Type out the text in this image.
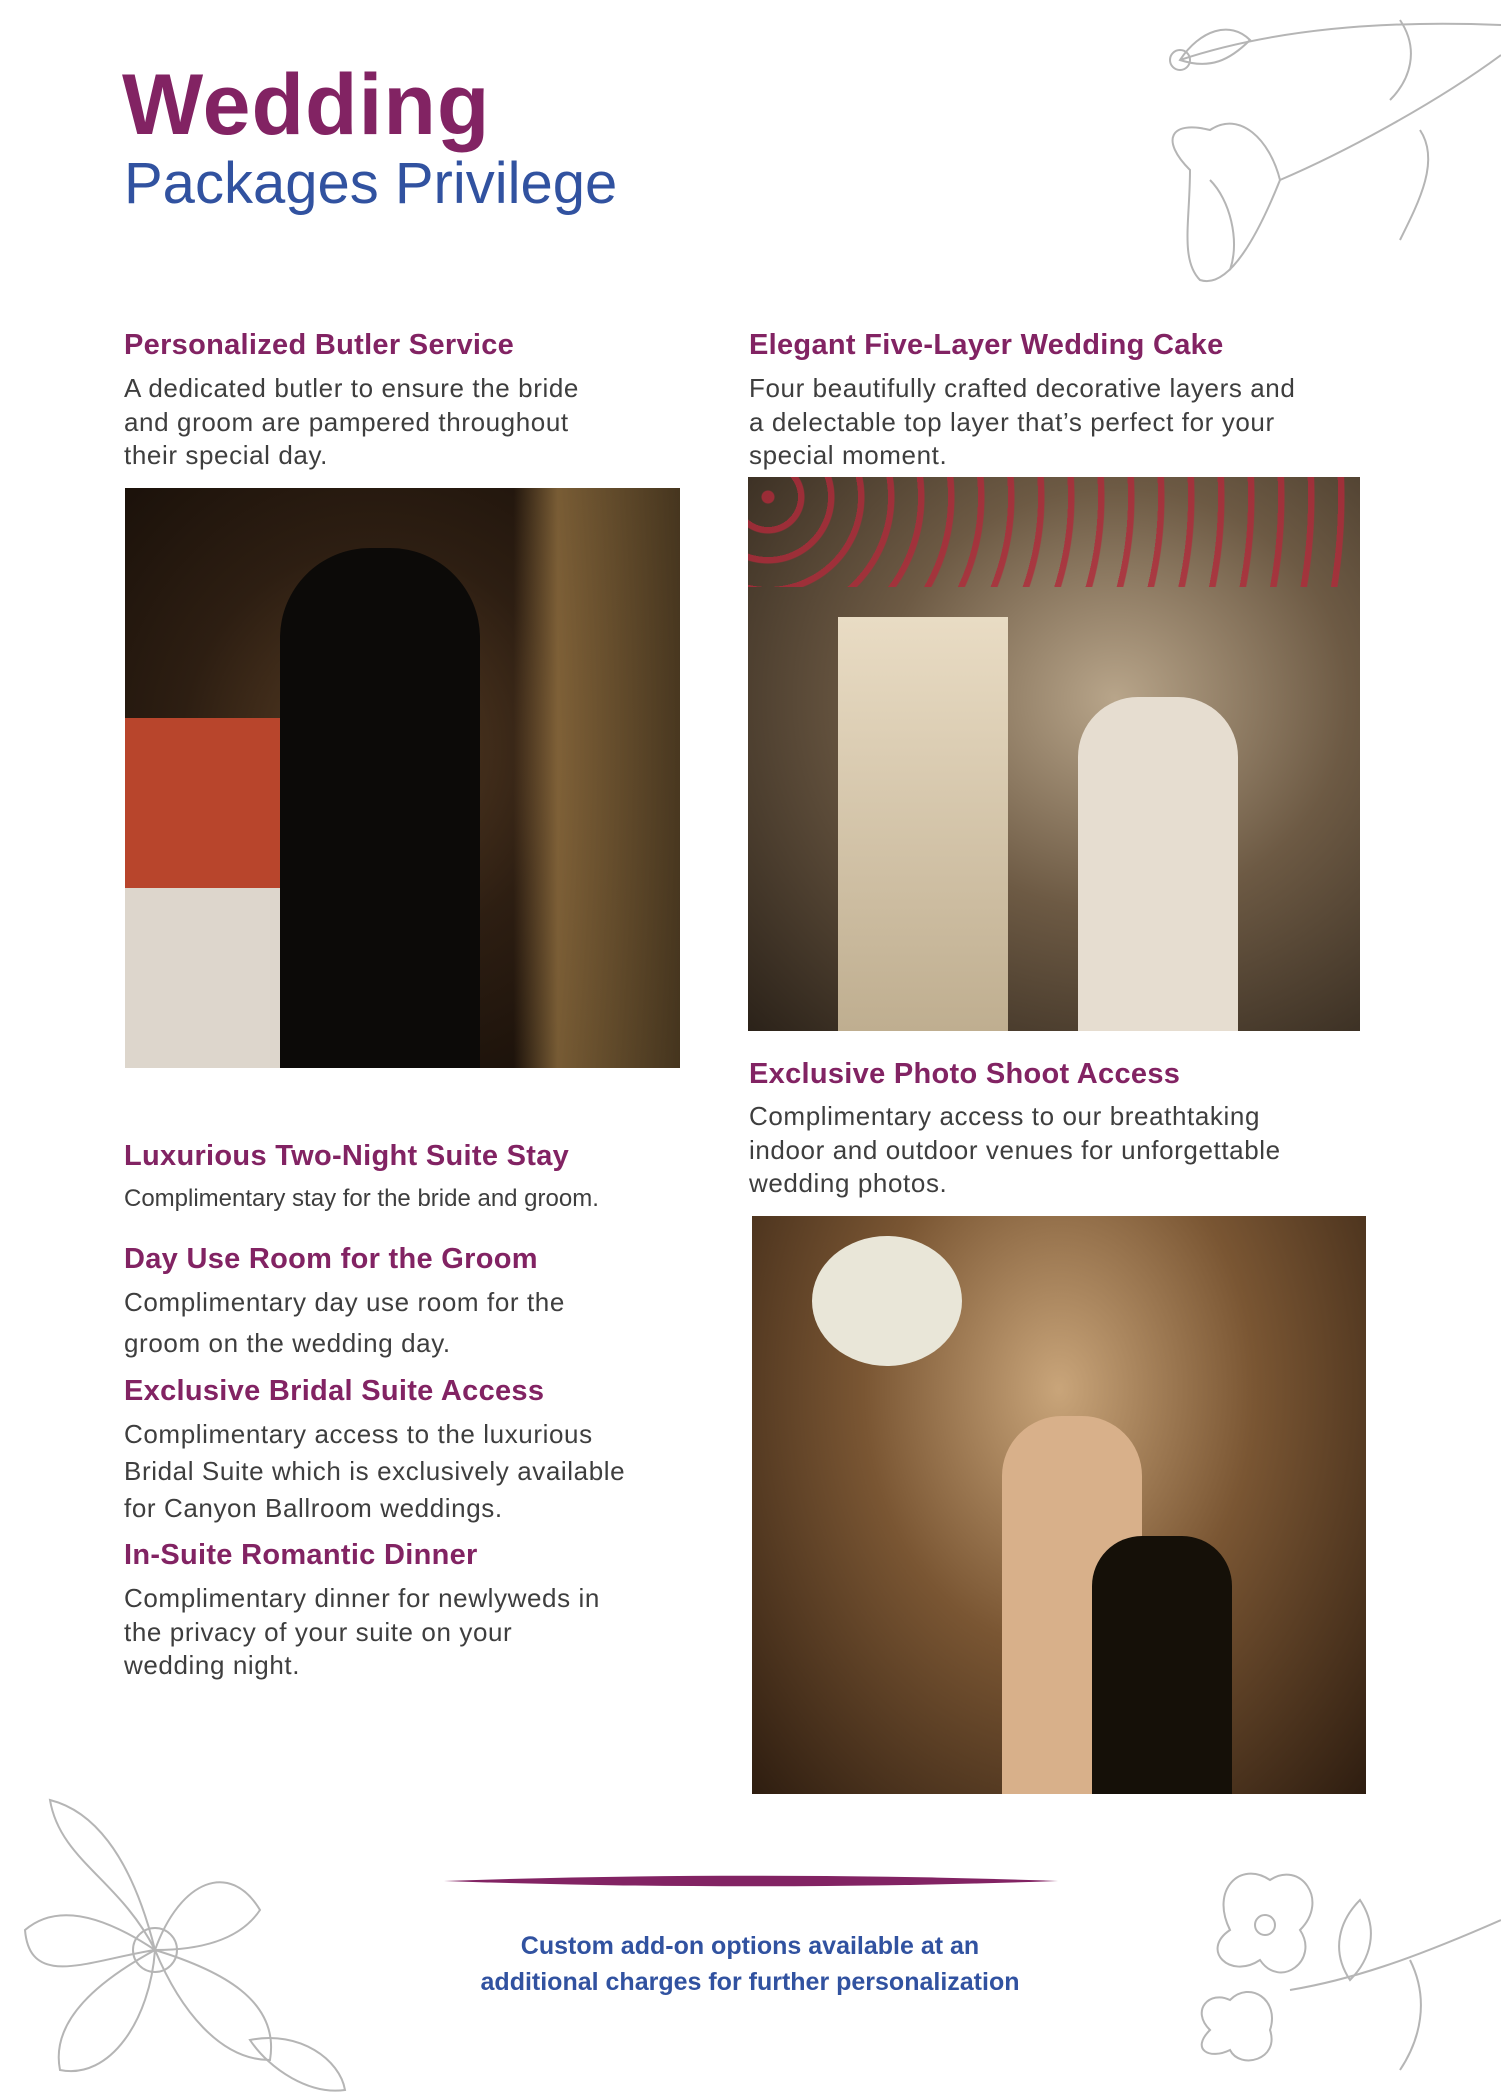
Wedding
Packages Privilege
Personalized Butler Service
A dedicated butler to ensure the bride
and groom are pampered throughout
their special day.
Elegant Five-Layer Wedding Cake
Four beautifully crafted decorative layers and
a delectable top layer that’s perfect for your
special moment.
Exclusive Photo Shoot Access
Complimentary access to our breathtaking
indoor and outdoor venues for unforgettable
wedding photos.
Luxurious Two-Night Suite Stay
Complimentary stay for the bride and groom.
Day Use Room for the Groom
Complimentary day use room for the
groom on the wedding day.
Exclusive Bridal Suite Access
Complimentary access to the luxurious
Bridal Suite which is exclusively available
for Canyon Ballroom weddings.
In-Suite Romantic Dinner
Complimentary dinner for newlyweds in
the privacy of your suite on your
wedding night.
Custom add-on options available at an
additional charges for further personalization
